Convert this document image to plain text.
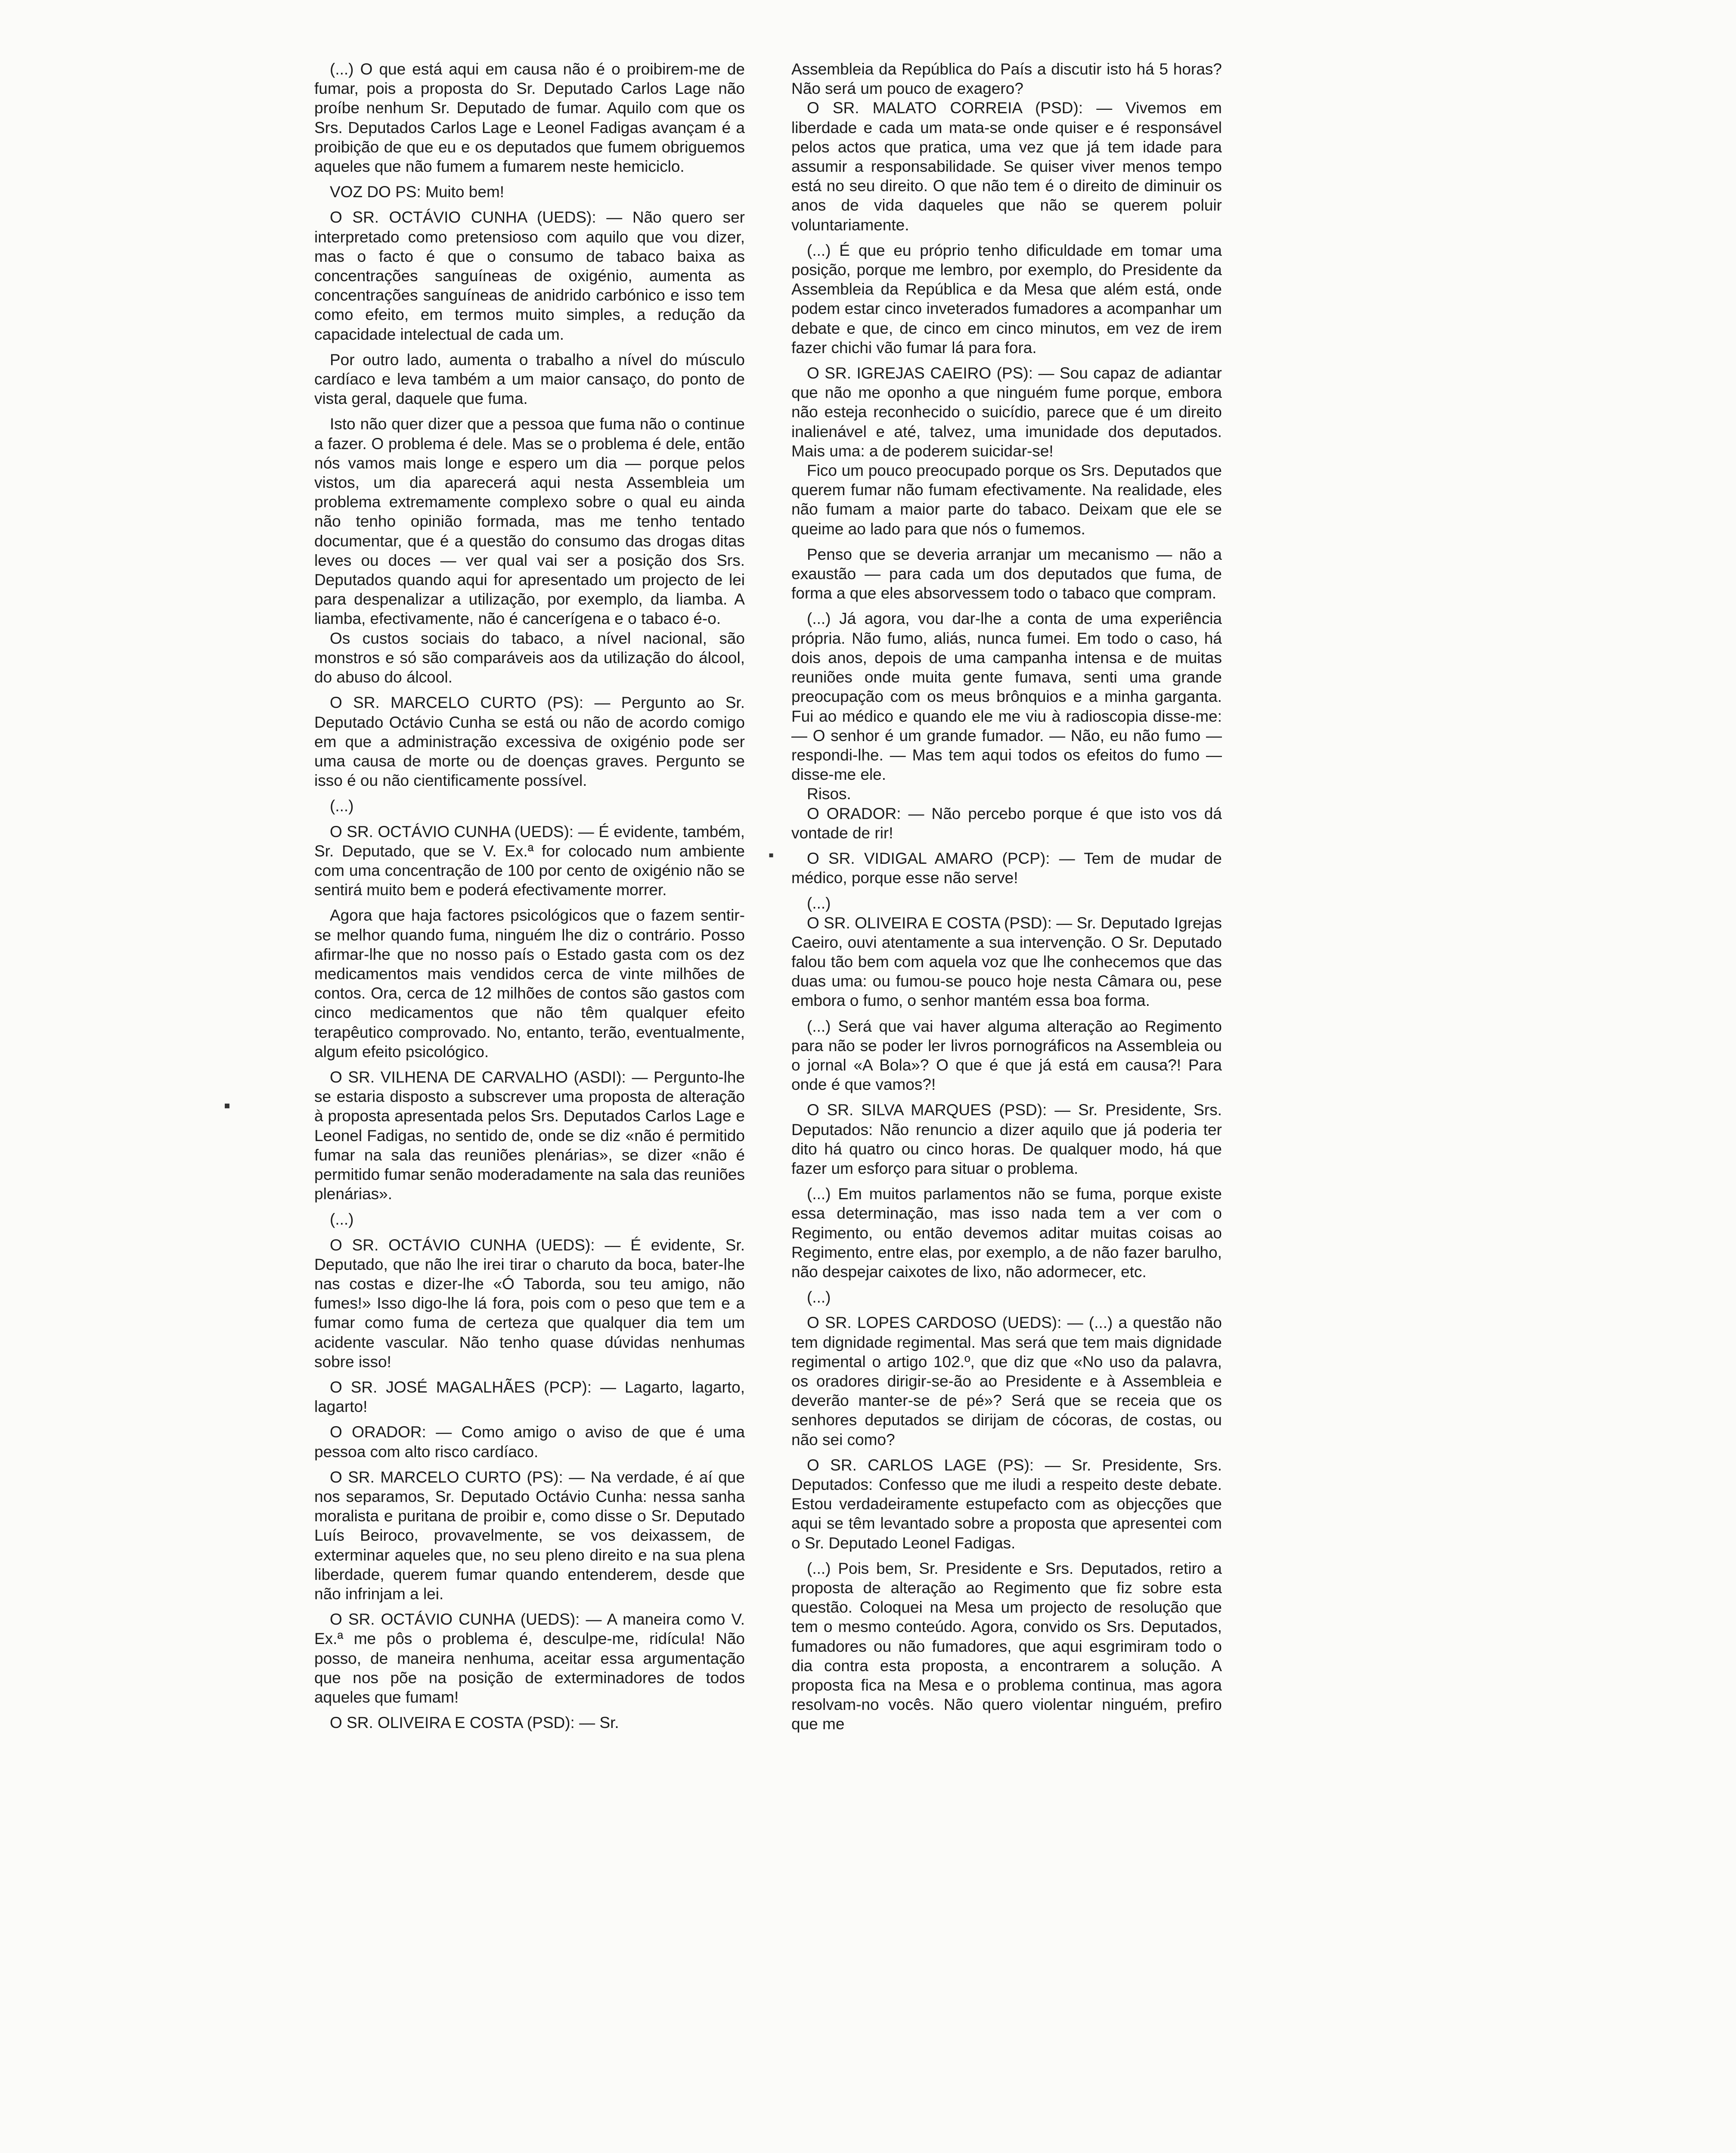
(...) O que está aqui em causa não é o proibirem-me de fumar, pois a proposta do Sr. Deputado Carlos Lage não proíbe nenhum Sr. Deputado de fumar. Aquilo com que os Srs. Deputados Carlos Lage e Leonel Fadigas avançam é a proibição de que eu e os deputados que fumem obriguemos aqueles que não fumem a fumarem neste hemiciclo.

VOZ DO PS: Muito bem!

O SR. OCTÁVIO CUNHA (UEDS): — Não quero ser interpretado como pretensioso com aquilo que vou dizer, mas o facto é que o consumo de tabaco baixa as concentrações sanguíneas de oxigénio, aumenta as concentrações sanguíneas de anidrido carbónico e isso tem como efeito, em termos muito simples, a redução da capacidade intelectual de cada um.

Por outro lado, aumenta o trabalho a nível do músculo cardíaco e leva também a um maior cansaço, do ponto de vista geral, daquele que fuma.

Isto não quer dizer que a pessoa que fuma não o continue a fazer. O problema é dele. Mas se o problema é dele, então nós vamos mais longe e espero um dia — porque pelos vistos, um dia aparecerá aqui nesta Assembleia um problema extremamente complexo sobre o qual eu ainda não tenho opinião formada, mas me tenho tentado documentar, que é a questão do consumo das drogas ditas leves ou doces — ver qual vai ser a posição dos Srs. Deputados quando aqui for apresentado um projecto de lei para despenalizar a utilização, por exemplo, da liamba. A liamba, efectivamente, não é cancerígena e o tabaco é-o.

Os custos sociais do tabaco, a nível nacional, são monstros e só são comparáveis aos da utilização do álcool, do abuso do álcool.

O SR. MARCELO CURTO (PS): — Pergunto ao Sr. Deputado Octávio Cunha se está ou não de acordo comigo em que a administração excessiva de oxigénio pode ser uma causa de morte ou de doenças graves. Pergunto se isso é ou não cientificamente possível.

(...)

O SR. OCTÁVIO CUNHA (UEDS): — É evidente, também, Sr. Deputado, que se V. Ex.ª for colocado num ambiente com uma concentração de 100 por cento de oxigénio não se sentirá muito bem e poderá efectivamente morrer.

Agora que haja factores psicológicos que o fazem sentir-se melhor quando fuma, ninguém lhe diz o contrário. Posso afirmar-lhe que no nosso país o Estado gasta com os dez medicamentos mais vendidos cerca de vinte milhões de contos. Ora, cerca de 12 milhões de contos são gastos com cinco medicamentos que não têm qualquer efeito terapêutico comprovado. No, entanto, terão, eventualmente, algum efeito psicológico.

O SR. VILHENA DE CARVALHO (ASDI): — Pergunto-lhe se estaria disposto a subscrever uma proposta de alteração à proposta apresentada pelos Srs. Deputados Carlos Lage e Leonel Fadigas, no sentido de, onde se diz «não é permitido fumar na sala das reuniões plenárias», se dizer «não é permitido fumar senão moderadamente na sala das reuniões plenárias».

(...)

O SR. OCTÁVIO CUNHA (UEDS): — É evidente, Sr. Deputado, que não lhe irei tirar o charuto da boca, bater-lhe nas costas e dizer-lhe «Ó Taborda, sou teu amigo, não fumes!» Isso digo-lhe lá fora, pois com o peso que tem e a fumar como fuma de certeza que qualquer dia tem um acidente vascular. Não tenho quase dúvidas nenhumas sobre isso!

O SR. JOSÉ MAGALHÃES (PCP): — Lagarto, lagarto, lagarto!

O ORADOR: — Como amigo o aviso de que é uma pessoa com alto risco cardíaco.

O SR. MARCELO CURTO (PS): — Na verdade, é aí que nos separamos, Sr. Deputado Octávio Cunha: nessa sanha moralista e puritana de proibir e, como disse o Sr. Deputado Luís Beiroco, provavelmente, se vos deixassem, de exterminar aqueles que, no seu pleno direito e na sua plena liberdade, querem fumar quando entenderem, desde que não infrinjam a lei.

O SR. OCTÁVIO CUNHA (UEDS): — A maneira como V. Ex.ª me pôs o problema é, desculpe-me, ridícula! Não posso, de maneira nenhuma, aceitar essa argumentação que nos põe na posição de exterminadores de todos aqueles que fumam!

O SR. OLIVEIRA E COSTA (PSD): — Sr.

Assembleia da República do País a discutir isto há 5 horas? Não será um pouco de exagero?

O SR. MALATO CORREIA (PSD): — Vivemos em liberdade e cada um mata-se onde quiser e é responsável pelos actos que pratica, uma vez que já tem idade para assumir a responsabilidade. Se quiser viver menos tempo está no seu direito. O que não tem é o direito de diminuir os anos de vida daqueles que não se querem poluir voluntariamente.

(...) É que eu próprio tenho dificuldade em tomar uma posição, porque me lembro, por exemplo, do Presidente da Assembleia da República e da Mesa que além está, onde podem estar cinco inveterados fumadores a acompanhar um debate e que, de cinco em cinco minutos, em vez de irem fazer chichi vão fumar lá para fora.

O SR. IGREJAS CAEIRO (PS): — Sou capaz de adiantar que não me oponho a que ninguém fume porque, embora não esteja reconhecido o suicídio, parece que é um direito inalienável e até, talvez, uma imunidade dos deputados. Mais uma: a de poderem suicidar-se!

Fico um pouco preocupado porque os Srs. Deputados que querem fumar não fumam efectivamente. Na realidade, eles não fumam a maior parte do tabaco. Deixam que ele se queime ao lado para que nós o fumemos.

Penso que se deveria arranjar um mecanismo — não a exaustão — para cada um dos deputados que fuma, de forma a que eles absorvessem todo o tabaco que compram.

(...) Já agora, vou dar-lhe a conta de uma experiência própria. Não fumo, aliás, nunca fumei. Em todo o caso, há dois anos, depois de uma campanha intensa e de muitas reuniões onde muita gente fumava, senti uma grande preocupação com os meus brônquios e a minha garganta. Fui ao médico e quando ele me viu à radioscopia disse-me: — O senhor é um grande fumador. — Não, eu não fumo — respondi-lhe. — Mas tem aqui todos os efeitos do fumo — disse-me ele.

Risos.

O ORADOR: — Não percebo porque é que isto vos dá vontade de rir!

O SR. VIDIGAL AMARO (PCP): — Tem de mudar de médico, porque esse não serve!

(...)

O SR. OLIVEIRA E COSTA (PSD): — Sr. Deputado Igrejas Caeiro, ouvi atentamente a sua intervenção. O Sr. Deputado falou tão bem com aquela voz que lhe conhecemos que das duas uma: ou fumou-se pouco hoje nesta Câmara ou, pese embora o fumo, o senhor mantém essa boa forma.

(...) Será que vai haver alguma alteração ao Regimento para não se poder ler livros pornográficos na Assembleia ou o jornal «A Bola»? O que é que já está em causa?! Para onde é que vamos?!

O SR. SILVA MARQUES (PSD): — Sr. Presidente, Srs. Deputados: Não renuncio a dizer aquilo que já poderia ter dito há quatro ou cinco horas. De qualquer modo, há que fazer um esforço para situar o problema.

(...) Em muitos parlamentos não se fuma, porque existe essa determinação, mas isso nada tem a ver com o Regimento, ou então devemos aditar muitas coisas ao Regimento, entre elas, por exemplo, a de não fazer barulho, não despejar caixotes de lixo, não adormecer, etc.

(...)

O SR. LOPES CARDOSO (UEDS): — (...) a questão não tem dignidade regimental. Mas será que tem mais dignidade regimental o artigo 102.º, que diz que «No uso da palavra, os oradores dirigir-se-ão ao Presidente e à Assembleia e deverão manter-se de pé»? Será que se receia que os senhores deputados se dirijam de cócoras, de costas, ou não sei como?

O SR. CARLOS LAGE (PS): — Sr. Presidente, Srs. Deputados: Confesso que me iludi a respeito deste debate. Estou verdadeiramente estupefacto com as objecções que aqui se têm levantado sobre a proposta que apresentei com o Sr. Deputado Leonel Fadigas.

(...) Pois bem, Sr. Presidente e Srs. Deputados, retiro a proposta de alteração ao Regimento que fiz sobre esta questão. Coloquei na Mesa um projecto de resolução que tem o mesmo conteúdo. Agora, convido os Srs. Deputados, fumadores ou não fumadores, que aqui esgrimiram todo o dia contra esta proposta, a encontrarem a solução. A proposta fica na Mesa e o problema continua, mas agora resolvam-no vocês. Não quero violentar ninguém, prefiro que me

▪
▪
